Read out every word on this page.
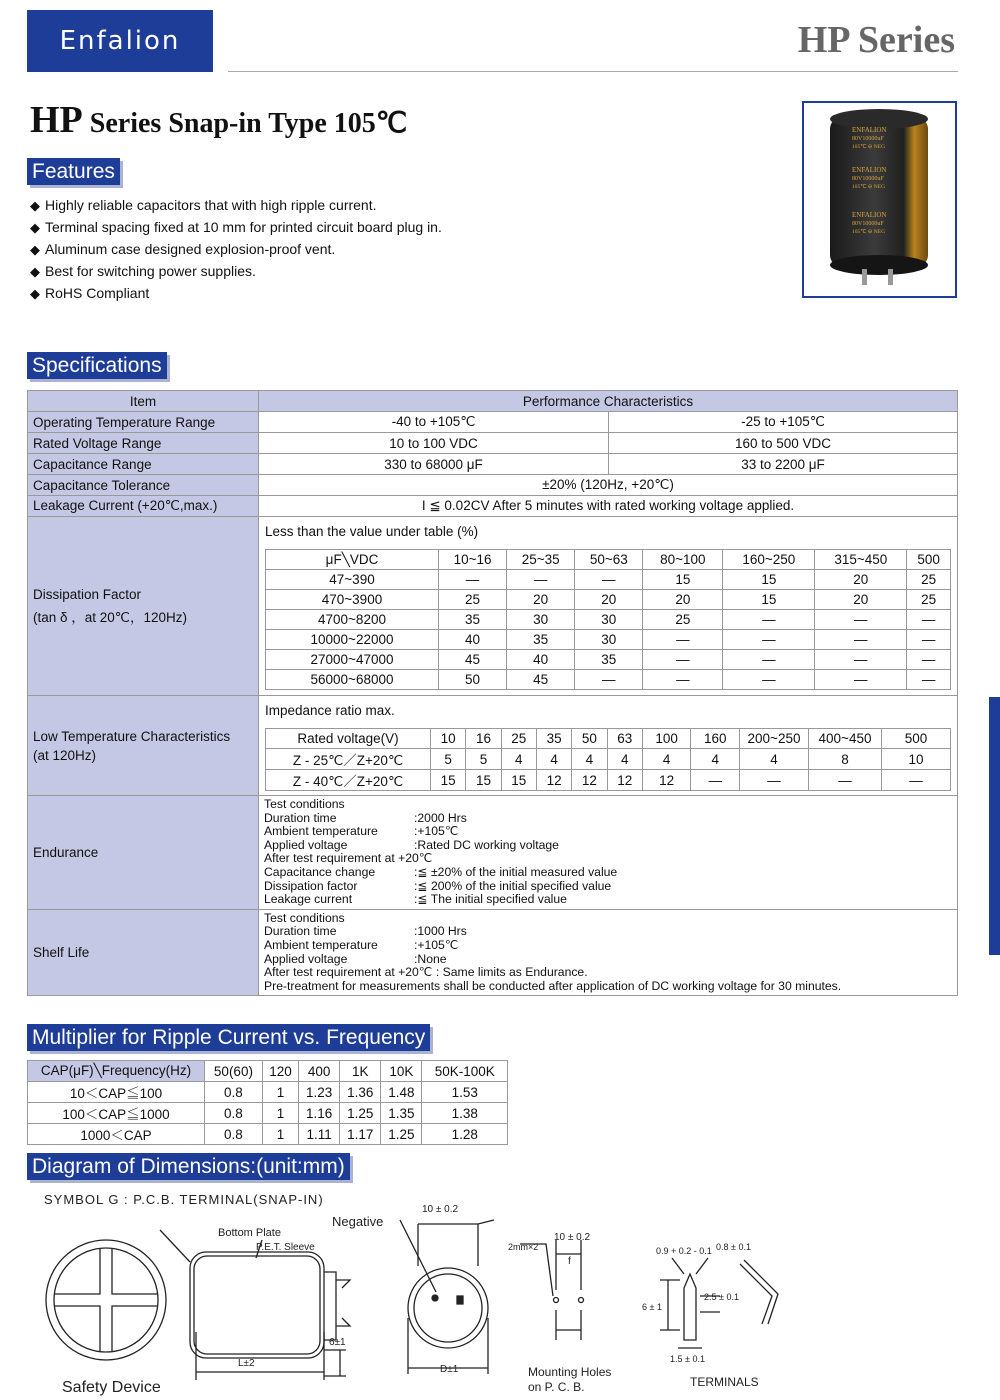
Enfalion	HP Series
HP Series Snap-in Type 105℃
Features
◆ Highly reliable capacitors that with high ripple current.
◆ Terminal spacing fixed at 10 mm for printed circuit board plug in.
◆ Aluminum case designed explosion-proof vent.
◆ Best for switching power supplies.
◆ RoHS Compliant
ENFALION
80V10000uF
105℃ ⊖ NEG
ENFALION
80V10000uF
105℃ ⊖ NEG
ENFALION
80V10000uF
105℃ ⊖ NEG
Specifications
Item	Performance Characteristics
Operating Temperature Range	-40 to +105℃	-25 to +105℃
Rated Voltage Range	10 to 100 VDC	160 to 500 VDC
Capacitance Range	330 to 68000 μF	33 to 2200 μF
Capacitance Tolerance	±20% (120Hz, +20℃)
Leakage Current (+20℃,max.)	I ≦ 0.02CV After 5 minutes with rated working voltage applied.

Dissipation Factor
(tan δ ，at 20℃，120Hz)

Less than the value under table (%)
μF╲VDC	10~16	25~35	50~63	80~100	160~250	315~450	500
47~390	—	—	—	15	15	20	25
470~3900	25	20	20	20	15	20	25
4700~8200	35	30	30	25	—	—	—
10000~22000	40	35	30	—	—	—	—
27000~47000	45	40	35	—	—	—	—
56000~68000	50	45	—	—	—	—	—

Low Temperature Characteristics
(at 120Hz)

Impedance ratio max.
Rated voltage(V)	10	16	25	35	50	63	100	160	200~250	400~450	500
Z - 25℃／Z+20℃	5	5	4	4	4	4	4	4	4	8	10
Z - 40℃／Z+20℃	15	15	15	12	12	12	12	—	—	—	—

Endurance	
Test conditions
Duration time	:2000 Hrs
Ambient temperature	:+105℃
Applied voltage	:Rated DC working voltage
After test requirement at +20℃
Capacitance change	:≦ ±20% of the initial measured value
Dissipation factor	:≦ 200% of the initial specified value
Leakage current	:≦ The initial specified value

Shelf Life	
Test conditions
Duration time	:1000 Hrs
Ambient temperature	:+105℃
Applied voltage	:None
After test requirement at +20℃ : Same limits as Endurance.
Pre-treatment for measurements shall be conducted after application of DC working voltage for 30 minutes.
Multiplier for Ripple Current vs. Frequency
CAP(μF)╲Frequency(Hz)	50(60)	120	400	1K	10K	50K-100K
10＜CAP≦100	0.8	1	1.23	1.36	1.48	1.53
100＜CAP≦1000	0.8	1	1.16	1.25	1.35	1.38
1000＜CAP	0.8	1	1.11	1.17	1.25	1.28
Diagram of Dimensions:(unit:mm)
SYMBOL G : P.C.B. TERMINAL(SNAP-IN)
Safety Device
Bottom Plate
P.E.T. Sleeve
L±2
6±1
Negative
10 ± 0.2
D±1
10 ± 0.2
f
2mm×2
Mounting Holes
on P. C. B.
0.9 + 0.2 - 0.1 0.8 ± 0.1
2.5 ± 0.1
6 ± 1
1.5 ± 0.1
TERMINALS
